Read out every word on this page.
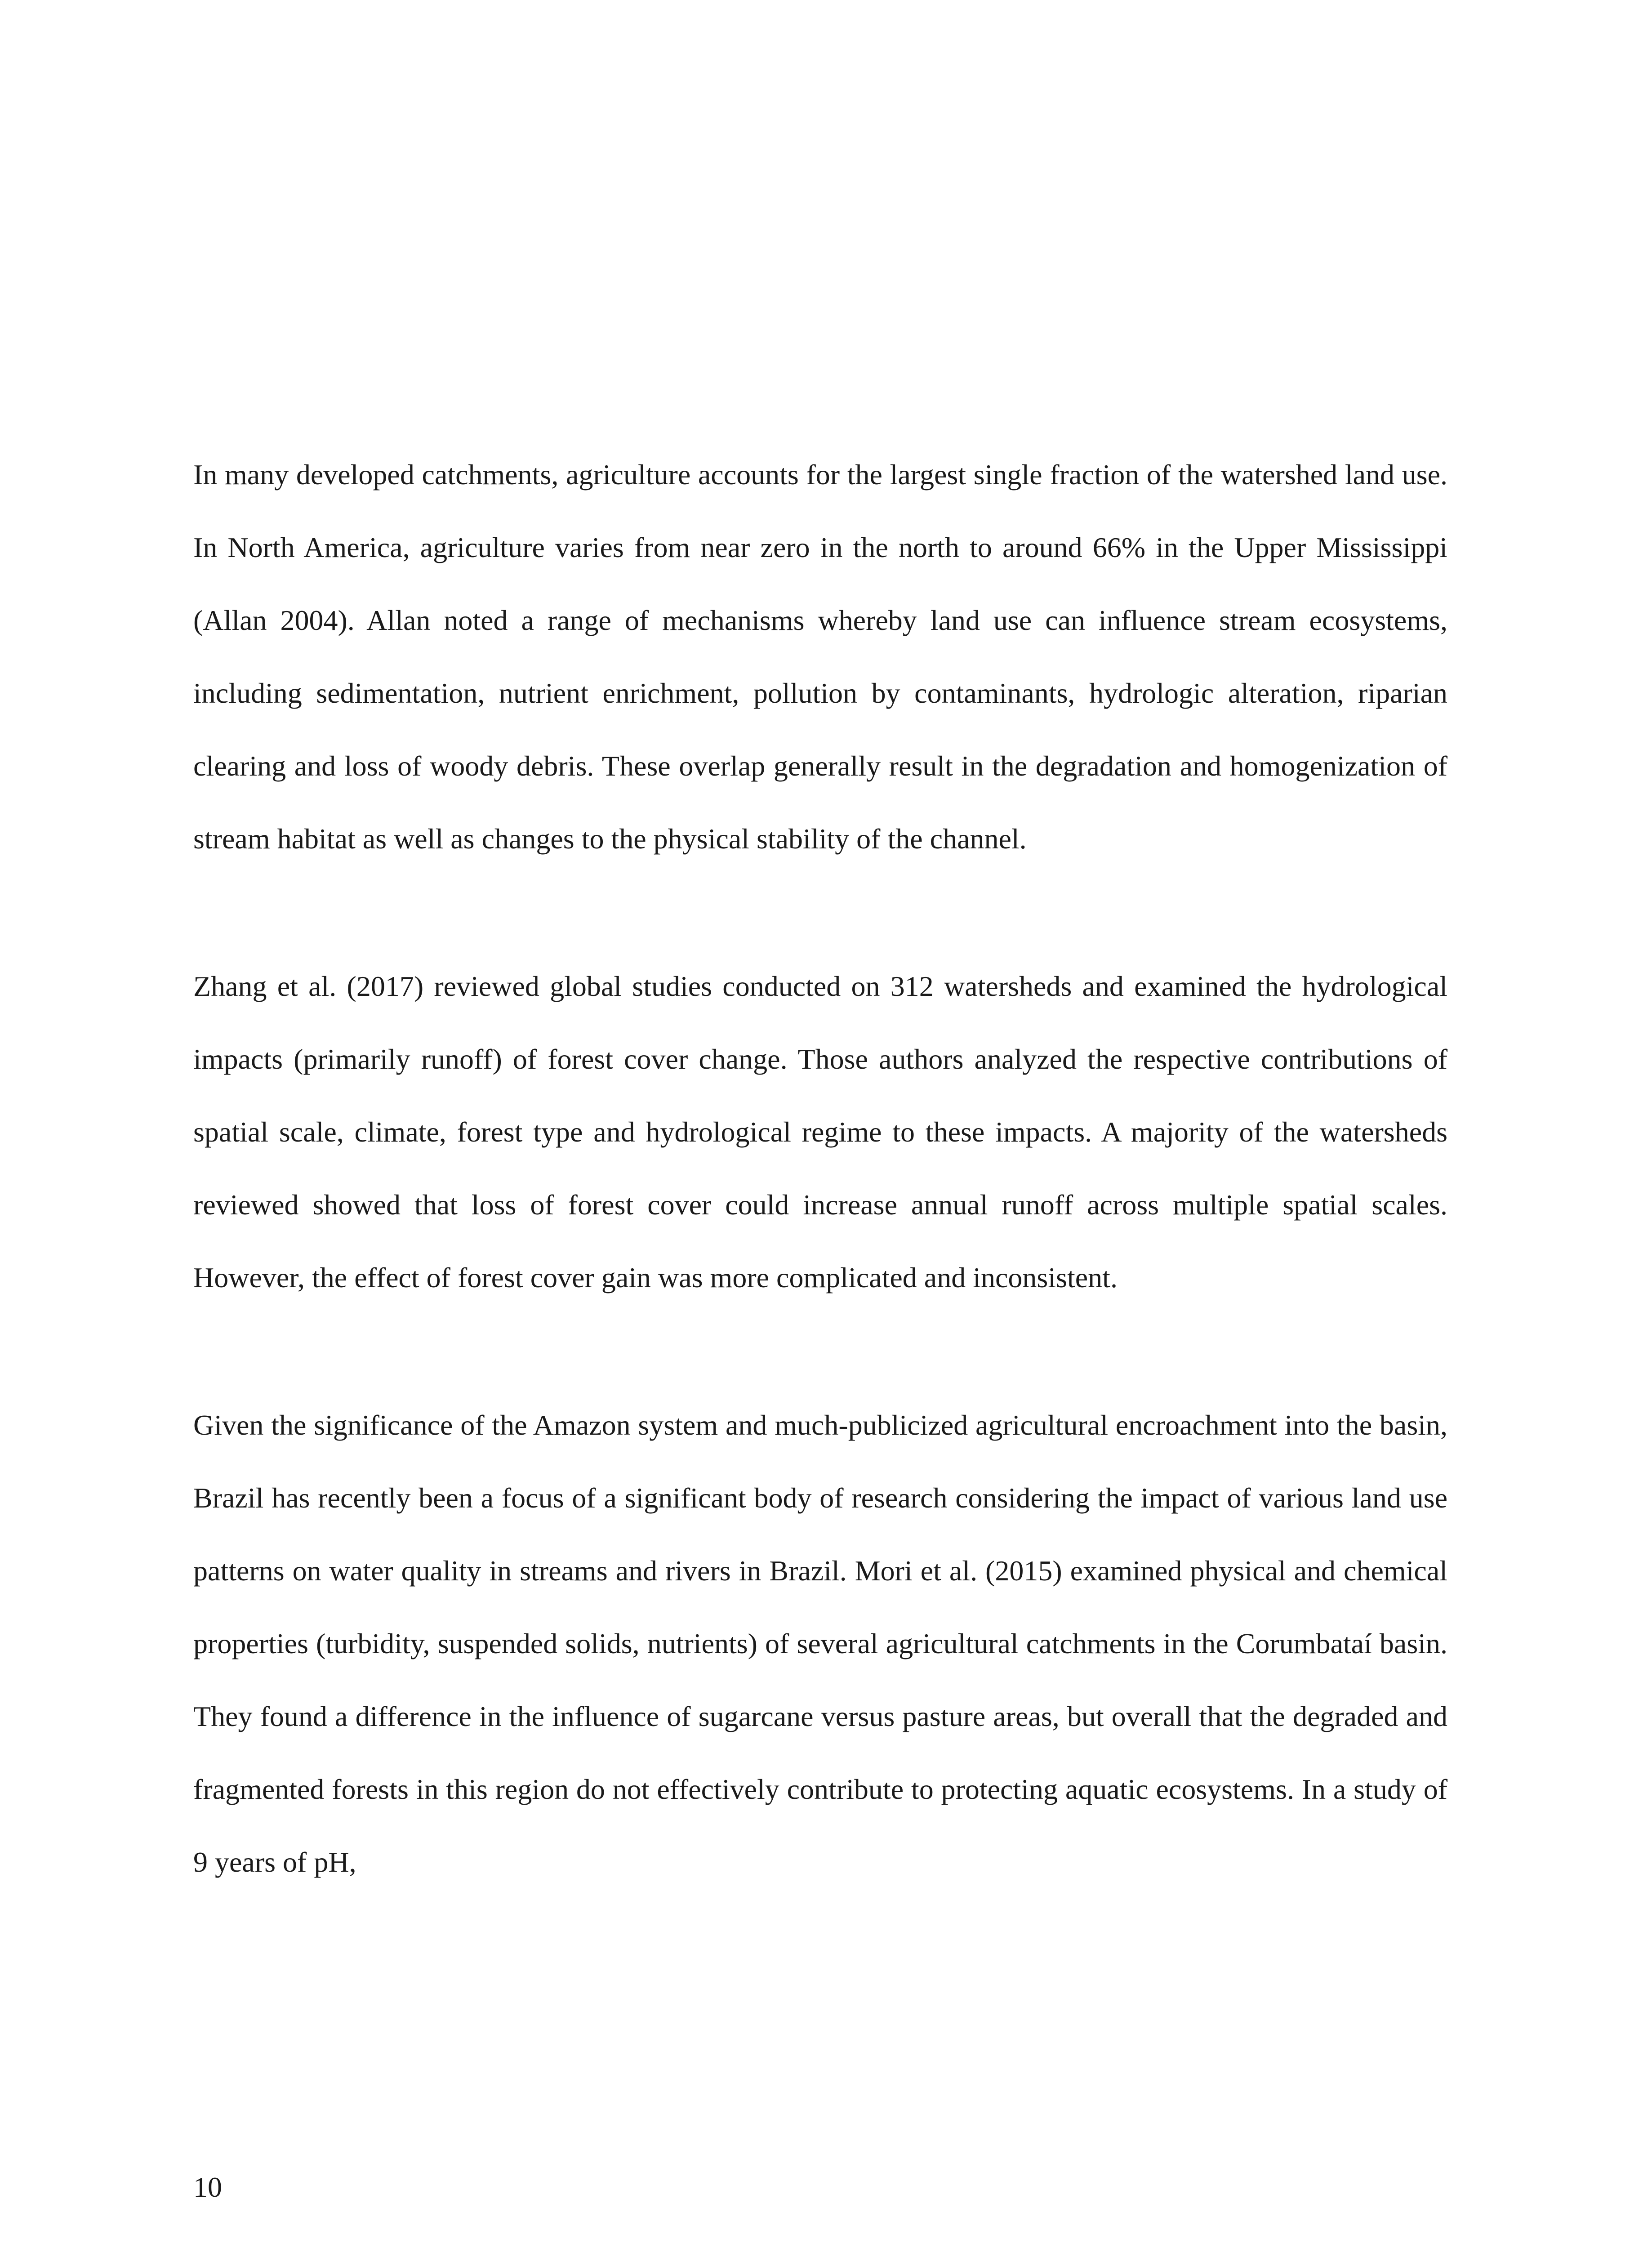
In many developed catchments, agriculture accounts for the largest single fraction of the watershed land use. In North America, agriculture varies from near zero in the north to around 66% in the Upper Mississippi (Allan 2004). Allan noted a range of mechanisms whereby land use can influence stream ecosystems, including sedimentation, nutrient enrichment, pollution by contaminants, hydrologic alteration, riparian clearing and loss of woody debris. These overlap generally result in the degradation and homogenization of stream habitat as well as changes to the physical stability of the channel.

Zhang et al. (2017) reviewed global studies conducted on 312 watersheds and examined the hydrological impacts (primarily runoff) of forest cover change. Those authors analyzed the respective contributions of spatial scale, climate, forest type and hydrological regime to these impacts. A majority of the watersheds reviewed showed that loss of forest cover could increase annual runoff across multiple spatial scales. However, the effect of forest cover gain was more complicated and inconsistent.

Given the significance of the Amazon system and much-publicized agricultural encroachment into the basin, Brazil has recently been a focus of a significant body of research considering the impact of various land use patterns on water quality in streams and rivers in Brazil. Mori et al. (2015) examined physical and chemical properties (turbidity, suspended solids, nutrients) of several agricultural catchments in the Corumbataí basin. They found a difference in the influence of sugarcane versus pasture areas, but overall that the degraded and fragmented forests in this region do not effectively contribute to protecting aquatic ecosystems. In a study of 9 years of pH,

10
